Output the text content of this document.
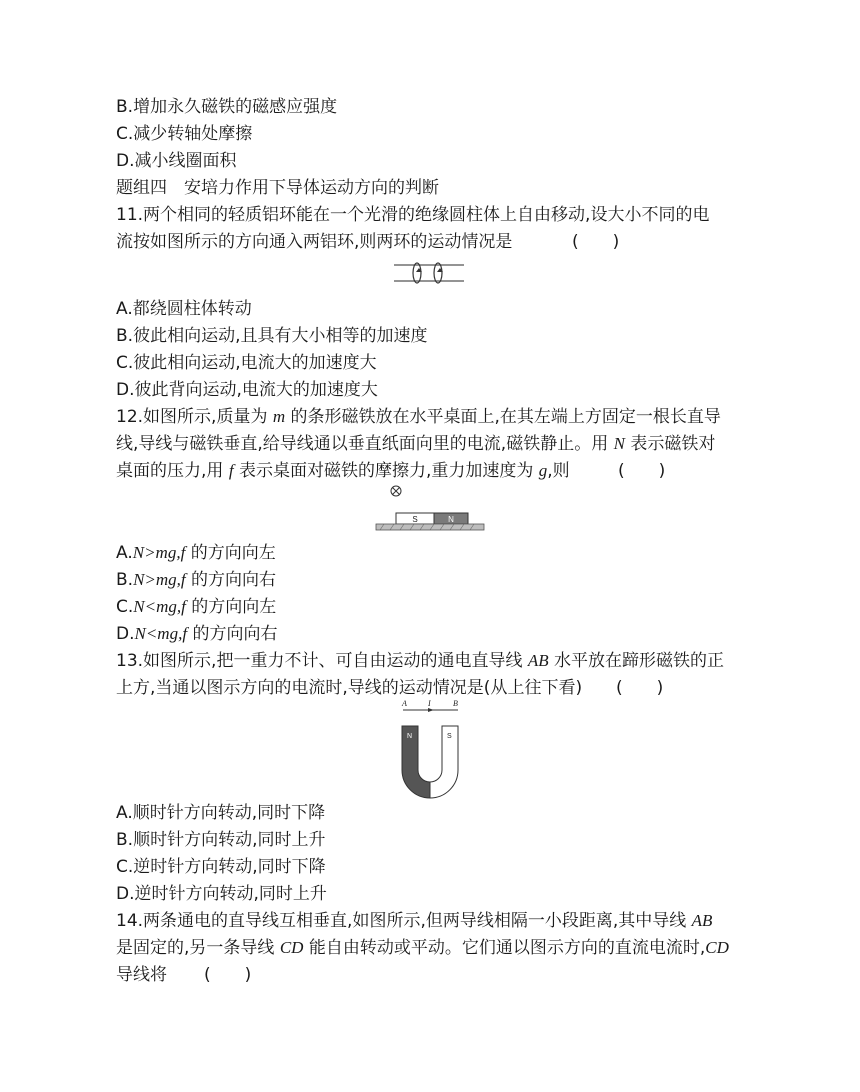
B.增加永久磁铁的磁感应强度
C.减少转轴处摩擦
D.减小线圈面积
题组四　安培力作用下导体运动方向的判断
11.两个相同的轻质铝环能在一个光滑的绝缘圆柱体上自由移动,设大小不同的电
流按如图所示的方向通入两铝环,则两环的运动情况是	(　　)
A.都绕圆柱体转动
B.彼此相向运动,且具有大小相等的加速度
C.彼此相向运动,电流大的加速度大
D.彼此背向运动,电流大的加速度大
12.如图所示,质量为 m 的条形磁铁放在水平桌面上,在其左端上方固定一根长直导
线,导线与磁铁垂直,给导线通以垂直纸面向里的电流,磁铁静止。用 N 表示磁铁对
桌面的压力,用 f 表示桌面对磁铁的摩擦力,重力加速度为 g,则	(　　)
S	N
A.N>mg,f 的方向向左
B.N>mg,f 的方向向右
C.N<mg,f 的方向向左
D.N<mg,f 的方向向右
13.如图所示,把一重力不计、可自由运动的通电直导线 AB 水平放在蹄形磁铁的正
上方,当通以图示方向的电流时,导线的运动情况是(从上往下看) (　　)
A	I	B
N	S
A.顺时针方向转动,同时下降
B.顺时针方向转动,同时上升
C.逆时针方向转动,同时下降
D.逆时针方向转动,同时上升
14.两条通电的直导线互相垂直,如图所示,但两导线相隔一小段距离,其中导线 AB
是固定的,另一条导线 CD 能自由转动或平动。它们通以图示方向的直流电流时,CD
导线将 (　　)
